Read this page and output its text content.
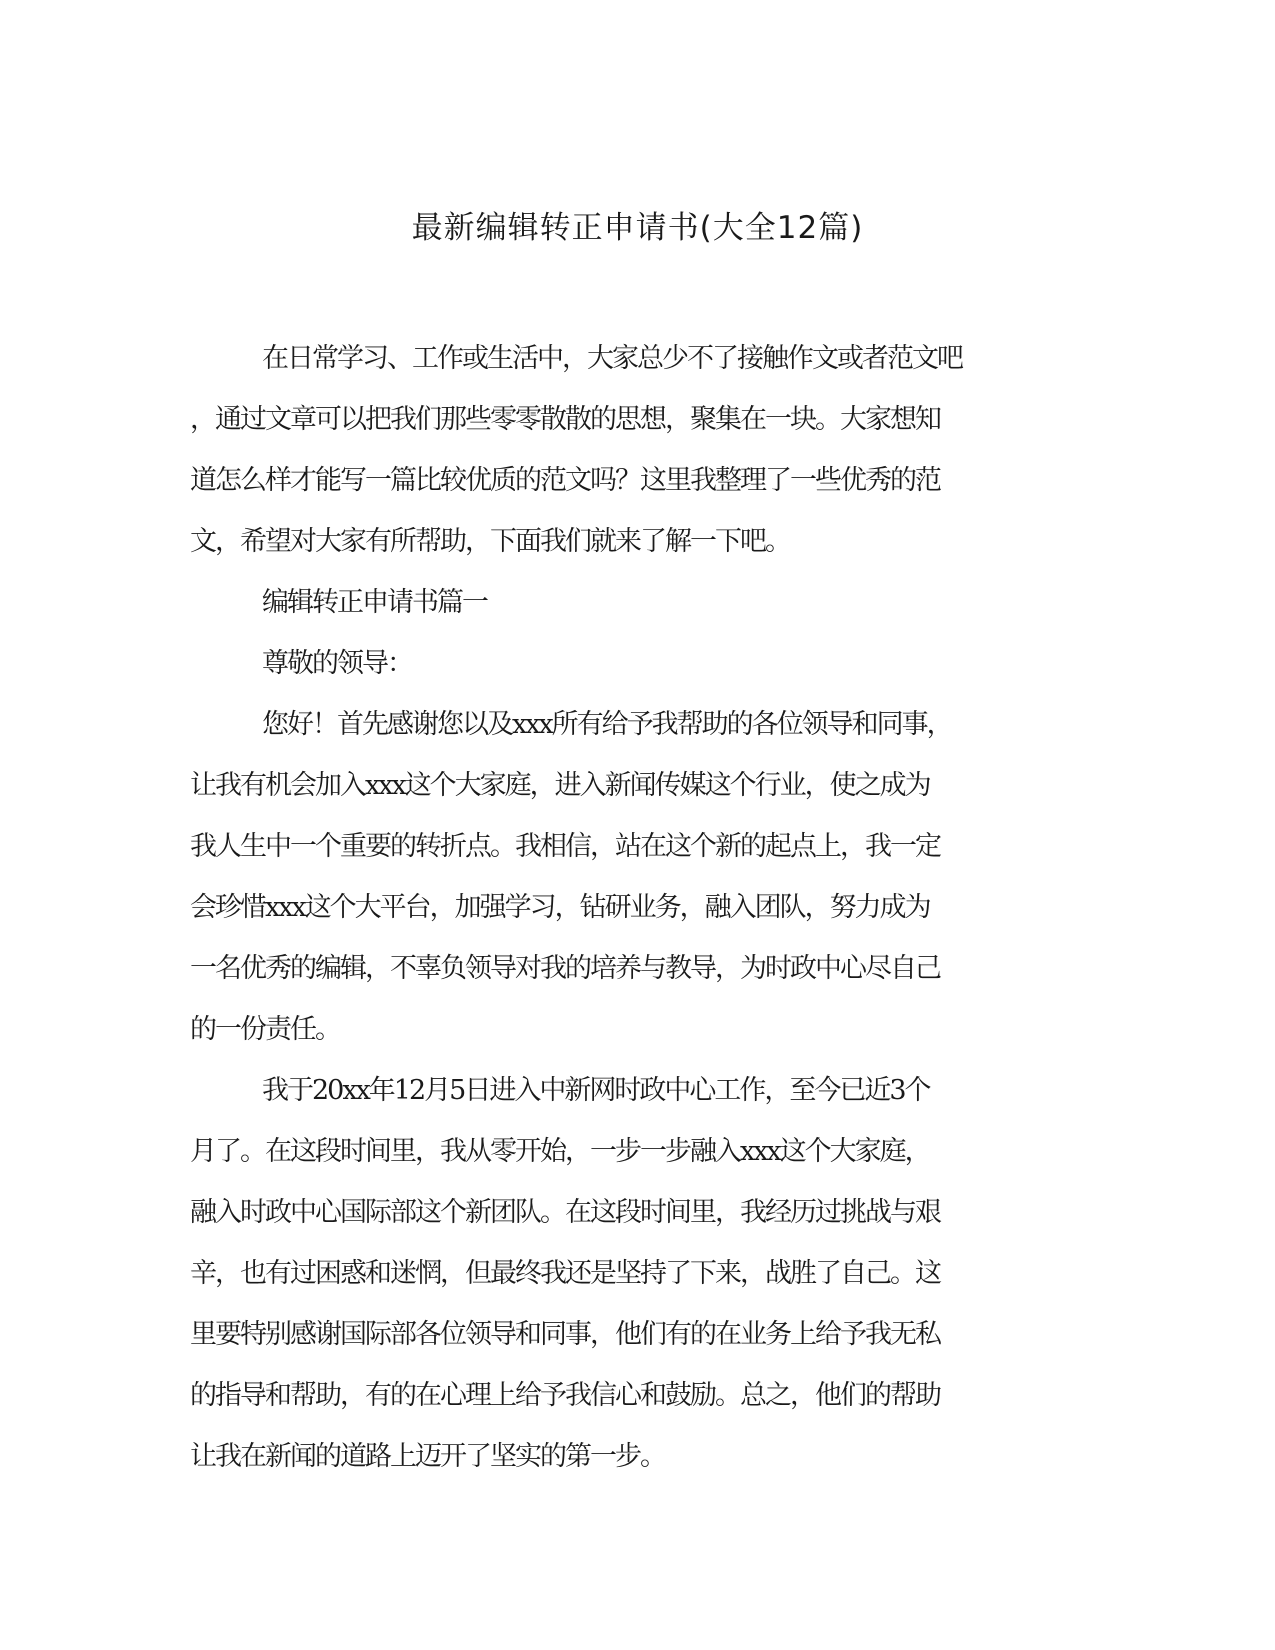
最新编辑转正申请书(大全12篇)
在日常学习、工作或生活中，大家总少不了接触作文或者范文吧
，通过文章可以把我们那些零零散散的思想，聚集在一块。大家想知
道怎么样才能写一篇比较优质的范文吗？这里我整理了一些优秀的范
文，希望对大家有所帮助，下面我们就来了解一下吧。
编辑转正申请书篇一
尊敬的领导：
您好！首先感谢您以及xxx所有给予我帮助的各位领导和同事，
让我有机会加入xxx这个大家庭，进入新闻传媒这个行业，使之成为
我人生中一个重要的转折点。我相信，站在这个新的起点上，我一定
会珍惜xxx这个大平台，加强学习，钻研业务，融入团队，努力成为
一名优秀的编辑，不辜负领导对我的培养与教导，为时政中心尽自己
的一份责任。
我于20xx年12月5日进入中新网时政中心工作，至今已近3个
月了。在这段时间里，我从零开始，一步一步融入xxx这个大家庭，
融入时政中心国际部这个新团队。在这段时间里，我经历过挑战与艰
辛，也有过困惑和迷惘，但最终我还是坚持了下来，战胜了自己。这
里要特别感谢国际部各位领导和同事，他们有的在业务上给予我无私
的指导和帮助，有的在心理上给予我信心和鼓励。总之，他们的帮助
让我在新闻的道路上迈开了坚实的第一步。
